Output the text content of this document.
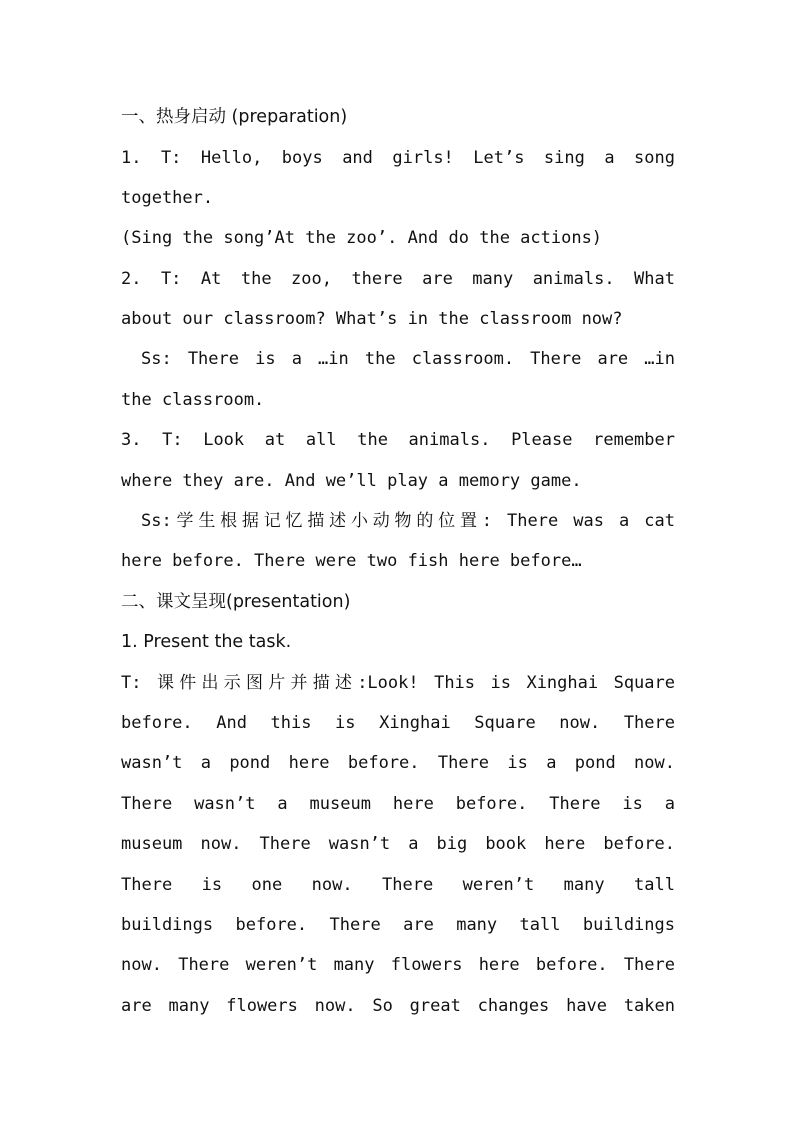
一、热身启动 (preparation)
1. T: Hello, boys and girls! Let’s sing a song
together.
(Sing the song’At the zoo’. And do the actions)
2. T: At the zoo, there are many animals. What
about our classroom? What’s in the classroom now?
Ss: There is a …in the classroom. There are …in
the classroom.
3. T: Look at all the animals. Please remember
where they are. And we’ll play a memory game.
Ss:学生根据记忆描述小动物的位置: There was a cat
here before. There were two fish here before…
二、课文呈现(presentation)
1. Present the task.
T: 课件出示图片并描述:Look! This is Xinghai Square
before. And this is Xinghai Square now. There
wasn’t a pond here before. There is a pond now.
There wasn’t a museum here before. There is a
museum now. There wasn’t a big book here before.
There is one now. There weren’t many tall
buildings before. There are many tall buildings
now. There weren’t many flowers here before. There
are many flowers now. So great changes have taken
